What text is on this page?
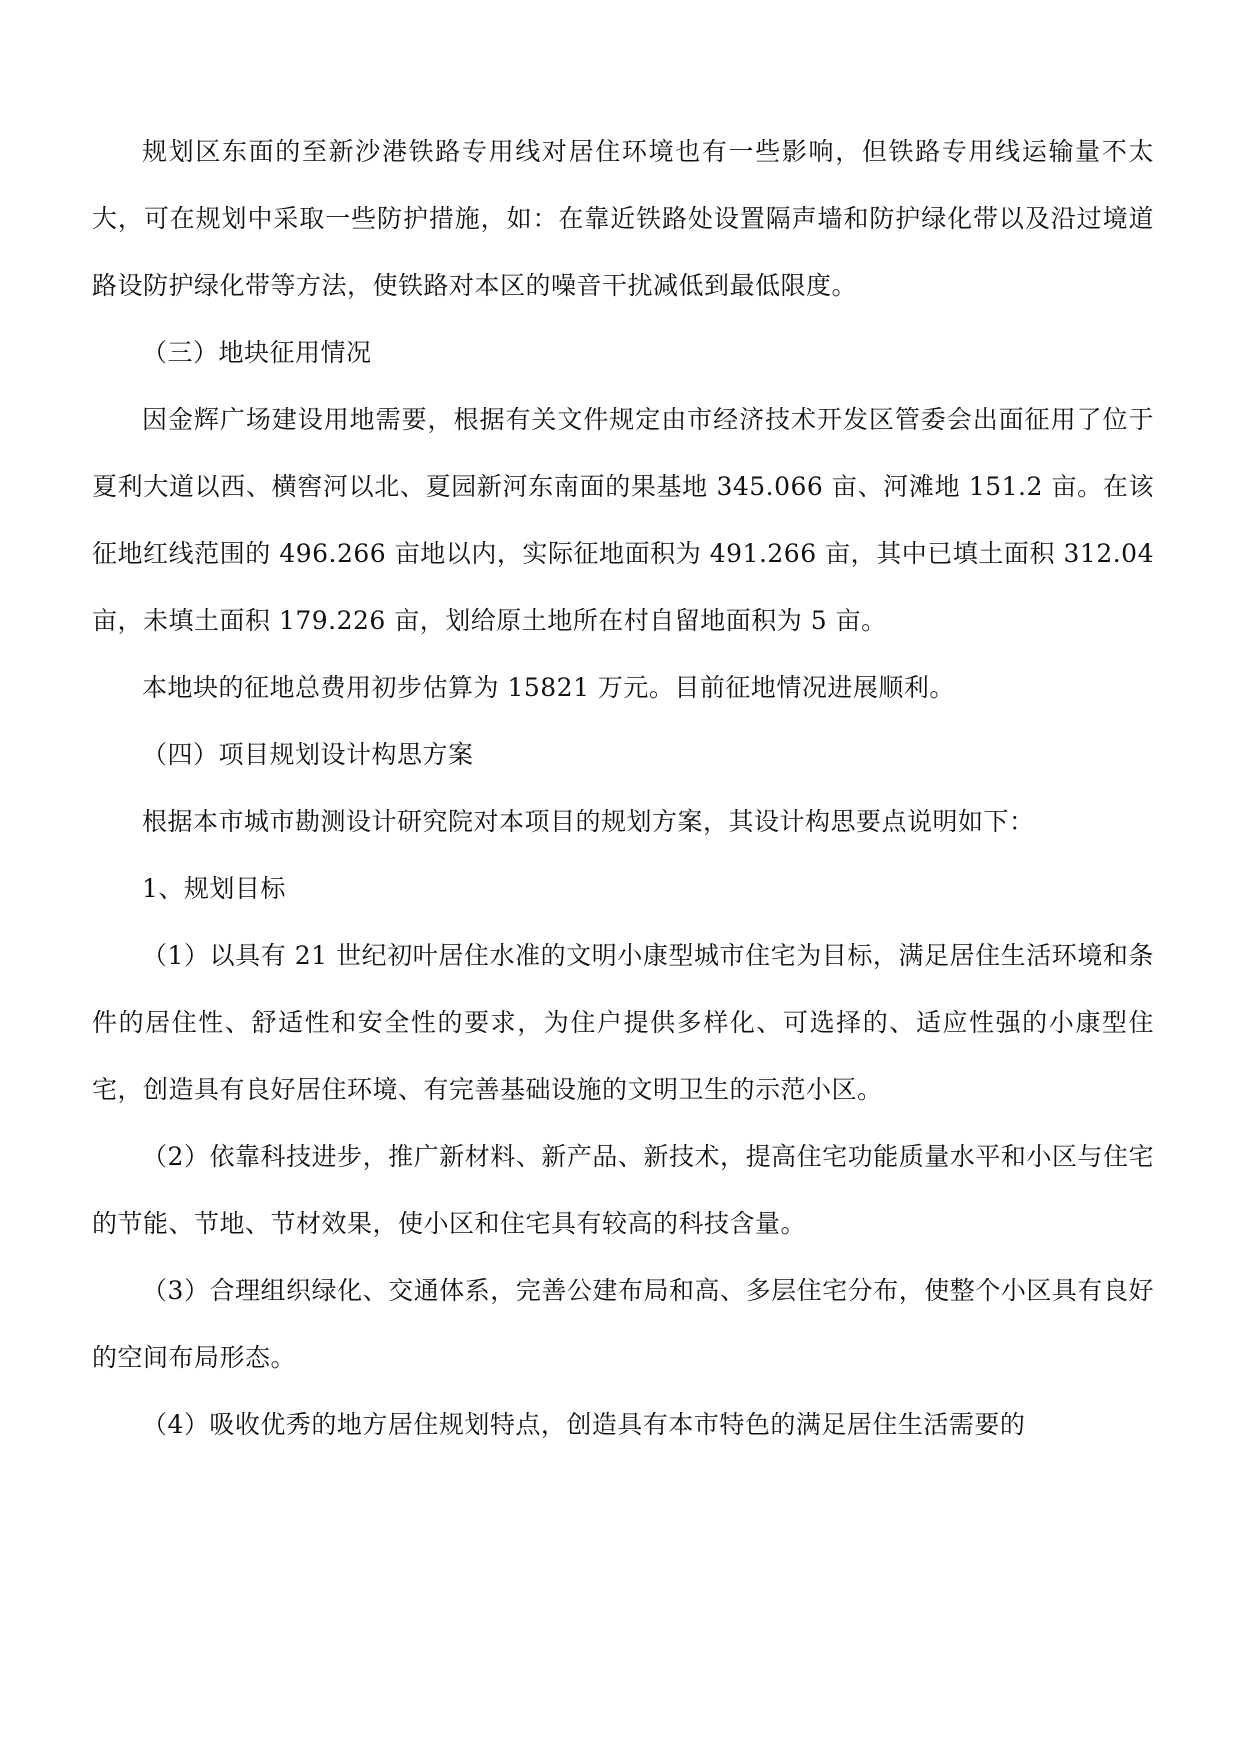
规划区东面的至新沙港铁路专用线对居住环境也有一些影响，但铁路专用线运输量不太大，可在规划中采取一些防护措施，如：在靠近铁路处设置隔声墙和防护绿化带以及沿过境道路设防护绿化带等方法，使铁路对本区的噪音干扰减低到最低限度。

（三）地块征用情况

因金辉广场建设用地需要，根据有关文件规定由市经济技术开发区管委会出面征用了位于夏利大道以西、横窖河以北、夏园新河东南面的果基地 345.066 亩、河滩地 151.2 亩。在该征地红线范围的 496.266 亩地以内，实际征地面积为 491.266 亩，其中已填土面积 312.04 亩，未填土面积 179.226 亩，划给原土地所在村自留地面积为 5 亩。

本地块的征地总费用初步估算为 15821 万元。目前征地情况进展顺利。

（四）项目规划设计构思方案

根据本市城市勘测设计研究院对本项目的规划方案，其设计构思要点说明如下：

1、规划目标

（1）以具有 21 世纪初叶居住水准的文明小康型城市住宅为目标，满足居住生活环境和条件的居住性、舒适性和安全性的要求，为住户提供多样化、可选择的、适应性强的小康型住宅，创造具有良好居住环境、有完善基础设施的文明卫生的示范小区。

（2）依靠科技进步，推广新材料、新产品、新技术，提高住宅功能质量水平和小区与住宅的节能、节地、节材效果，使小区和住宅具有较高的科技含量。

（3）合理组织绿化、交通体系，完善公建布局和高、多层住宅分布，使整个小区具有良好的空间布局形态。

（4）吸收优秀的地方居住规划特点，创造具有本市特色的满足居住生活需要的
